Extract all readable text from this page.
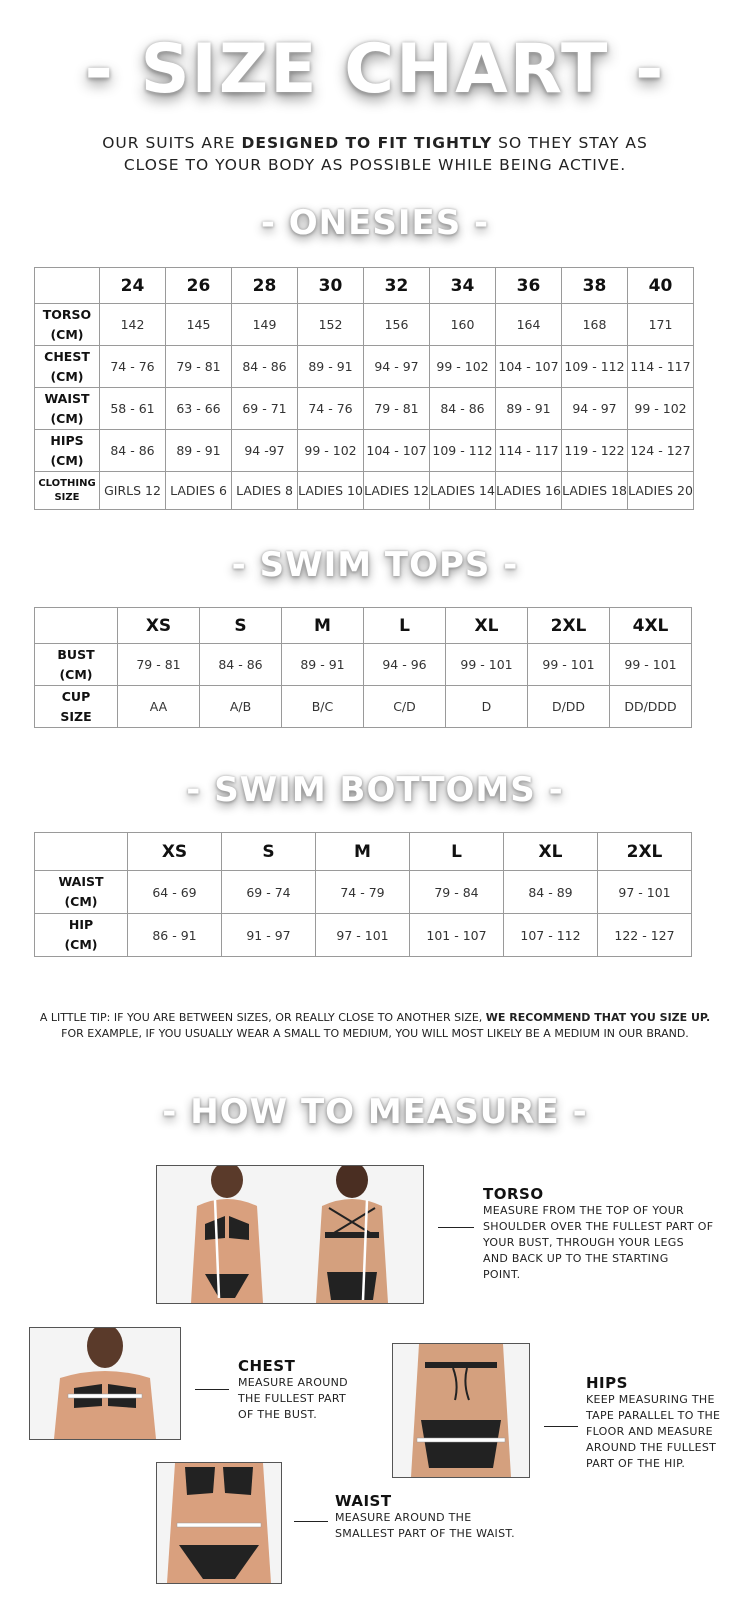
- SIZE CHART -
OUR SUITS ARE DESIGNED TO FIT TIGHTLY SO THEY STAY AS
CLOSE TO YOUR BODY AS POSSIBLE WHILE BEING ACTIVE.
- ONESIES -
	24	26	28	30	32	34	36	38	40

TORSO
(CM)	142	145	149	152	156	160	164	168	171

CHEST
(CM)	74 - 76	79 - 81	84 - 86	89 - 91	94 - 97	99 - 102	104 - 107	109 - 112	114 - 117

WAIST
(CM)	58 - 61	63 - 66	69 - 71	74 - 76	79 - 81	84 - 86	89 - 91	94 - 97	99 - 102

HIPS
(CM)	84 - 86	89 - 91	94 -97	99 - 102	104 - 107	109 - 112	114 - 117	119 - 122	124 - 127

CLOTHING
SIZE	GIRLS 12	LADIES 6	LADIES 8	LADIES 10	LADIES 12	LADIES 14	LADIES 16	LADIES 18	LADIES 20
- SWIM TOPS -
	XS	S	M	L	XL	2XL	4XL

BUST
(CM)	79 - 81	84 - 86	89 - 91	94 - 96	99 - 101	99 - 101	99 - 101

CUP
SIZE	AA	A/B	B/C	C/D	D	D/DD	DD/DDD
- SWIM BOTTOMS -
	XS	S	M	L	XL	2XL

WAIST
(CM)	64 - 69	69 - 74	74 - 79	79 - 84	84 - 89	97 - 101

HIP
(CM)	86 - 91	91 - 97	97 - 101	101 - 107	107 - 112	122 - 127
A LITTLE TIP: IF YOU ARE BETWEEN SIZES, OR REALLY CLOSE TO ANOTHER SIZE, WE RECOMMEND THAT YOU SIZE UP.
FOR EXAMPLE, IF YOU USUALLY WEAR A SMALL TO MEDIUM, YOU WILL MOST LIKELY BE A MEDIUM IN OUR BRAND.
- HOW TO MEASURE -
TORSO
MEASURE FROM THE TOP OF YOUR
SHOULDER OVER THE FULLEST PART OF
YOUR BUST, THROUGH YOUR LEGS
AND BACK UP TO THE STARTING
POINT.
CHEST
MEASURE AROUND
THE FULLEST PART
OF THE BUST.
HIPS
KEEP MEASURING THE
TAPE PARALLEL TO THE
FLOOR AND MEASURE
AROUND THE FULLEST
PART OF THE HIP.
WAIST
MEASURE AROUND THE
SMALLEST PART OF THE WAIST.
